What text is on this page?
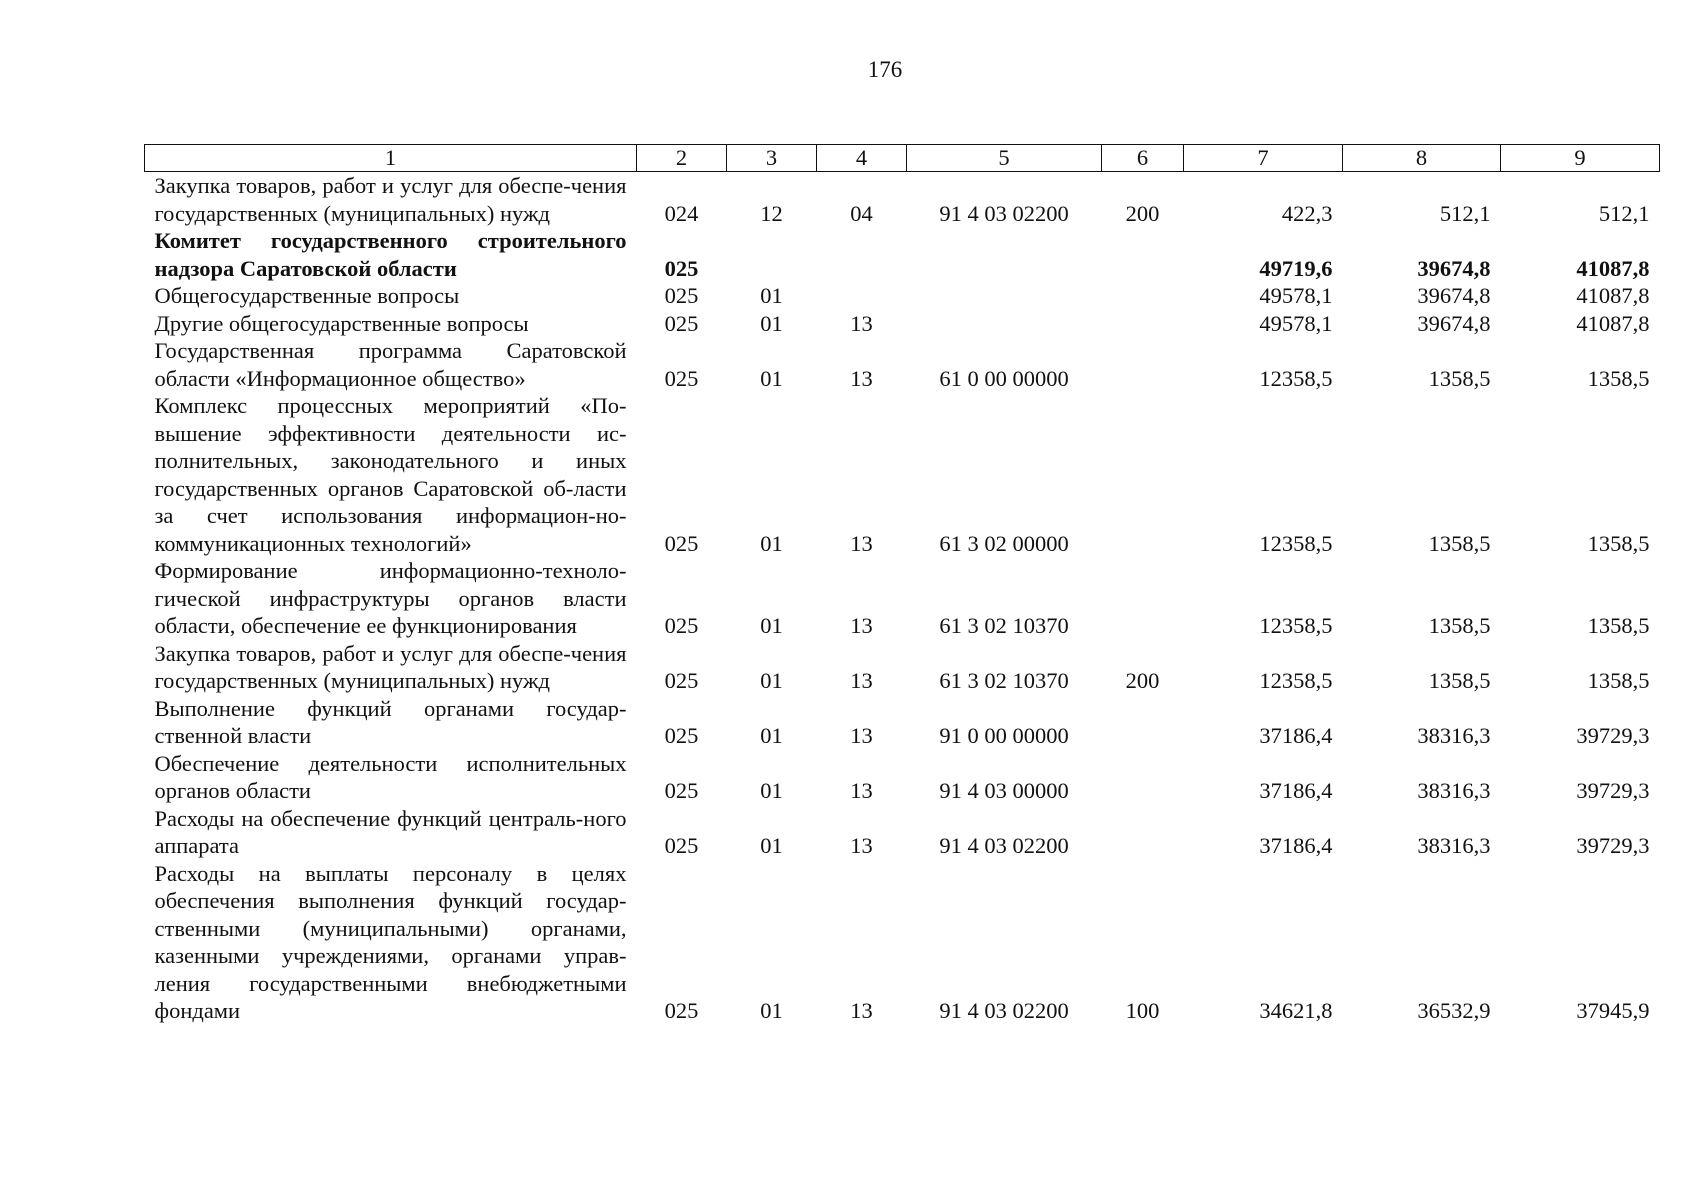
176
1	2	3	4	5	6	7	8	9
Закупка товаров, работ и услуг для обеспе-чения государственных (муниципальных) нужд	024	12	04	91 4 03 02200	200	422,3	512,1	512,1
Комитет государственного строительного надзора Саратовской области	025					49719,6	39674,8	41087,8
Общегосударственные вопросы	025	01				49578,1	39674,8	41087,8
Другие общегосударственные вопросы	025	01	13			49578,1	39674,8	41087,8
Государственная программа Саратовской области «Информационное общество»	025	01	13	61 0 00 00000		12358,5	1358,5	1358,5
Комплекс процессных мероприятий «По-вышение эффективности деятельности ис-полнительных, законодательного и иных государственных органов Саратовской об-ласти за счет использования информацион-но-коммуникационных технологий»	025	01	13	61 3 02 00000		12358,5	1358,5	1358,5
Формирование информационно-техноло-гической инфраструктуры органов власти области, обеспечение ее функционирования	025	01	13	61 3 02 10370		12358,5	1358,5	1358,5
Закупка товаров, работ и услуг для обеспе-чения государственных (муниципальных) нужд	025	01	13	61 3 02 10370	200	12358,5	1358,5	1358,5
Выполнение функций органами государ-ственной власти	025	01	13	91 0 00 00000		37186,4	38316,3	39729,3
Обеспечение деятельности исполнительных органов области	025	01	13	91 4 03 00000		37186,4	38316,3	39729,3
Расходы на обеспечение функций централь-ного аппарата	025	01	13	91 4 03 02200		37186,4	38316,3	39729,3
Расходы на выплаты персоналу в целях обеспечения выполнения функций государ-ственными (муниципальными) органами, казенными учреждениями, органами управ-ления государственными внебюджетными фондами	025	01	13	91 4 03 02200	100	34621,8	36532,9	37945,9
